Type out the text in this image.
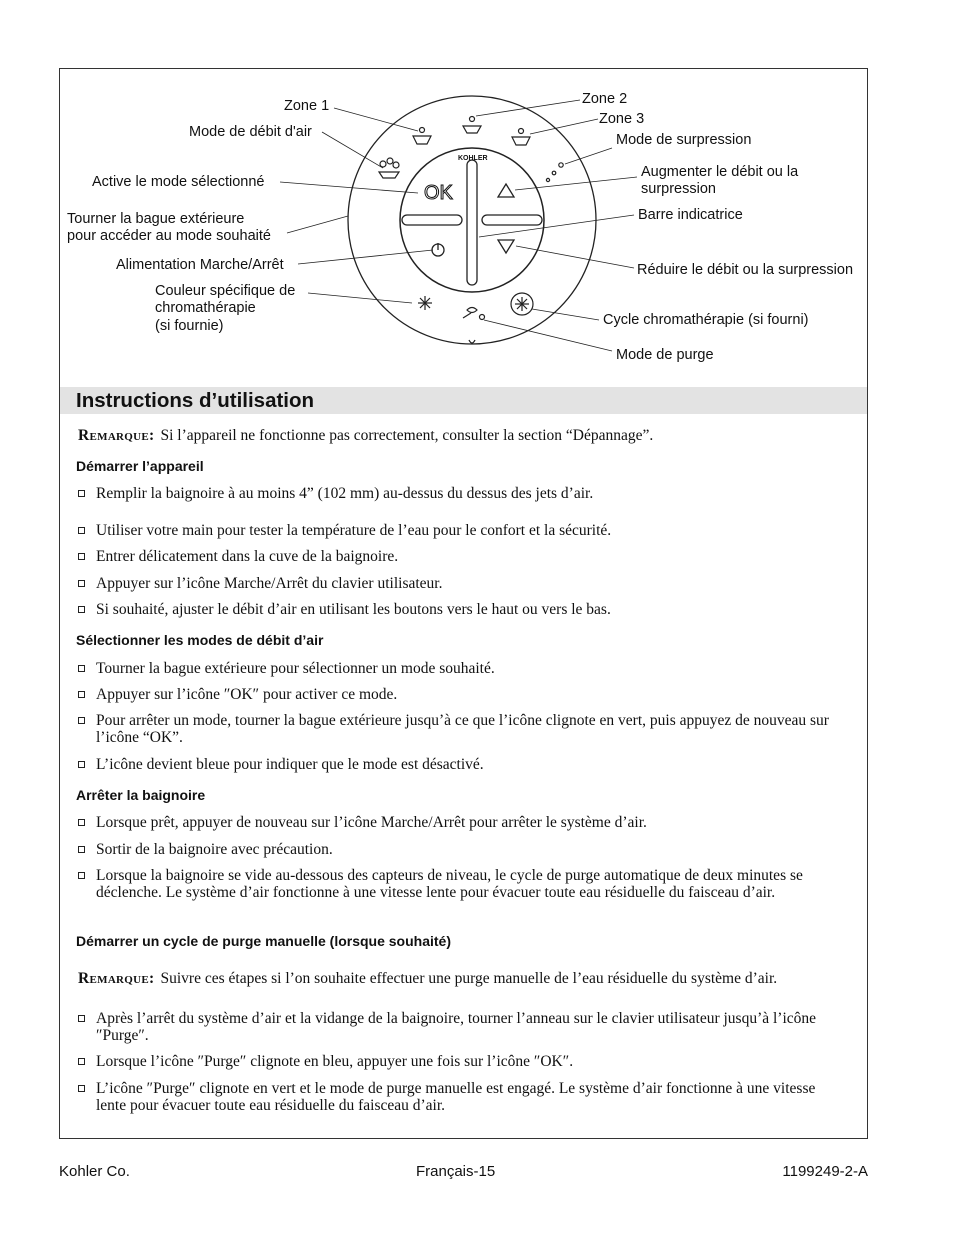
KOHLER
OK
Zone 1
Mode de débit d'air
Active le mode sélectionné
Tourner la bague extérieure
pour accéder au mode souhaité
Alimentation Marche/Arrêt
Couleur spécifique de
chromathérapie
(si fournie)
Zone 2
Zone 3
Mode de surpression
Augmenter le débit ou la
surpression
Barre indicatrice
Réduire le débit ou la surpression
Cycle chromathérapie (si fourni)
Mode de purge
Instructions d’utilisation
Remarque: Si l’appareil ne fonctionne pas correctement, consulter la section “Dépannage”.
Démarrer l’appareil
Remplir la baignoire à au moins 4” (102 mm) au-dessus du dessus des jets d’air.
Utiliser votre main pour tester la température de l’eau pour le confort et la sécurité.
Entrer délicatement dans la cuve de la baignoire.
Appuyer sur l’icône Marche/Arrêt du clavier utilisateur.
Si souhaité, ajuster le débit d’air en utilisant les boutons vers le haut ou vers le bas.
Sélectionner les modes de débit d’air
Tourner la bague extérieure pour sélectionner un mode souhaité.
Appuyer sur l’icône ″OK″ pour activer ce mode.
Pour arrêter un mode, tourner la bague extérieure jusqu’à ce que l’icône clignote en vert, puis appuyez de nouveau sur l’icône “OK”.
L’icône devient bleue pour indiquer que le mode est désactivé.
Arrêter la baignoire
Lorsque prêt, appuyer de nouveau sur l’icône Marche/Arrêt pour arrêter le système d’air.
Sortir de la baignoire avec précaution.
Lorsque la baignoire se vide au-dessous des capteurs de niveau, le cycle de purge automatique de deux minutes se déclenche. Le système d’air fonctionne à une vitesse lente pour évacuer toute eau résiduelle du faisceau d’air.
Démarrer un cycle de purge manuelle (lorsque souhaité)
Remarque: Suivre ces étapes si l’on souhaite effectuer une purge manuelle de l’eau résiduelle du système d’air.
Après l’arrêt du système d’air et la vidange de la baignoire, tourner l’anneau sur le clavier utilisateur jusqu’à l’icône ″Purge″.
Lorsque l’icône ″Purge″ clignote en bleu, appuyer une fois sur l’icône ″OK″.
L’icône ″Purge″ clignote en vert et le mode de purge manuelle est engagé. Le système d’air fonctionne à une vitesse lente pour évacuer toute eau résiduelle du faisceau d’air.
Kohler Co.	Français-15	1199249-2-A
